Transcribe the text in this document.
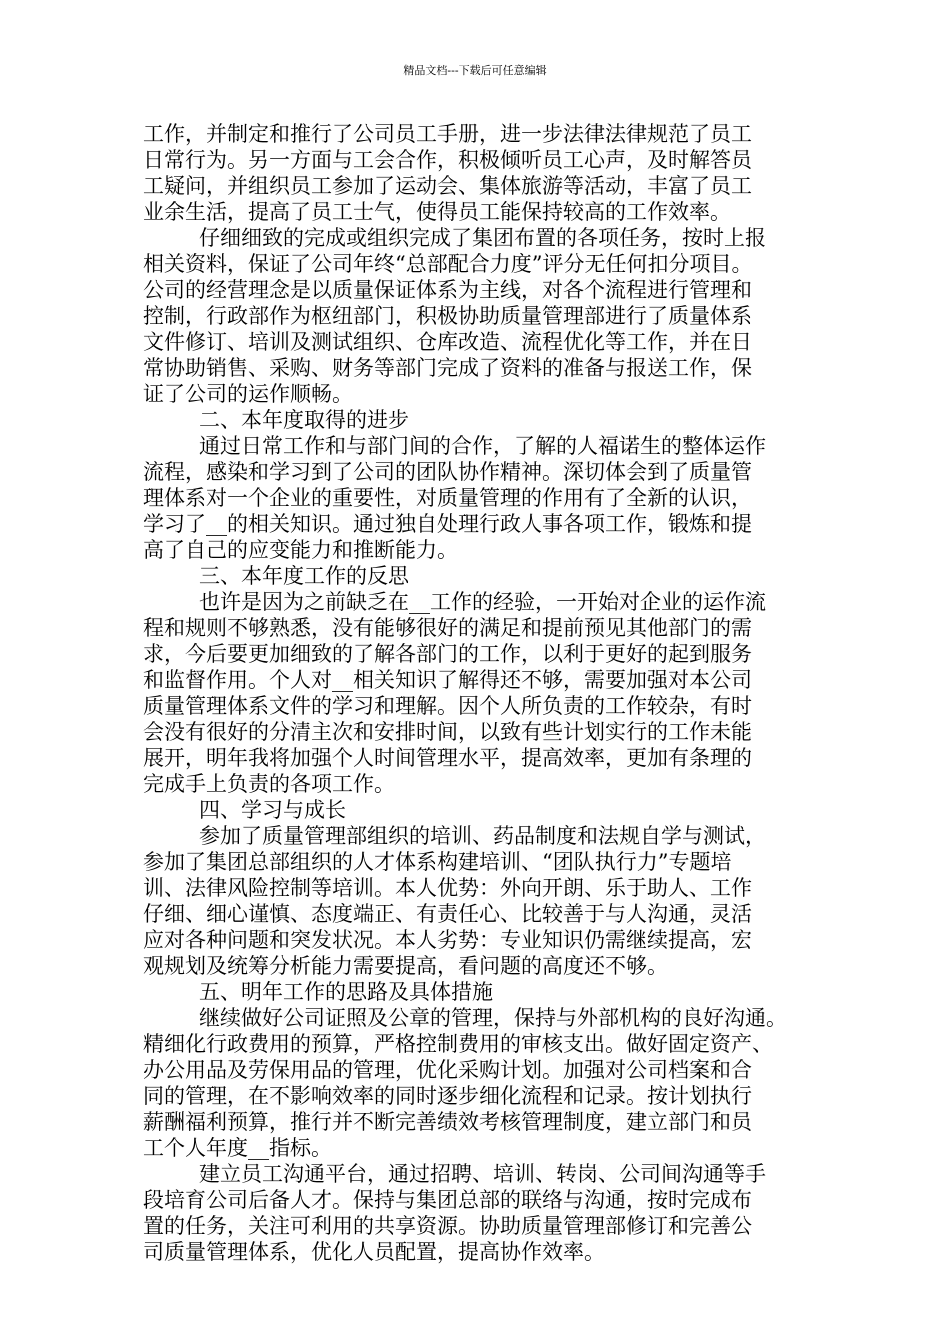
精品文档---下载后可任意编辑
工作，并制定和推行了公司员工手册，进一步法律法律规范了员工
日常行为。另一方面与工会合作，积极倾听员工心声，及时解答员
工疑问，并组织员工参加了运动会、集体旅游等活动，丰富了员工
业余生活，提高了员工士气，使得员工能保持较高的工作效率。
仔细细致的完成或组织完成了集团布置的各项任务，按时上报
相关资料，保证了公司年终“总部配合力度”评分无任何扣分项目。
公司的经营理念是以质量保证体系为主线，对各个流程进行管理和
控制，行政部作为枢纽部门，积极协助质量管理部进行了质量体系
文件修订、培训及测试组织、仓库改造、流程优化等工作，并在日
常协助销售、采购、财务等部门完成了资料的准备与报送工作，保
证了公司的运作顺畅。
二、本年度取得的进步
通过日常工作和与部门间的合作，了解的人福诺生的整体运作
流程，感染和学习到了公司的团队协作精神。深切体会到了质量管
理体系对一个企业的重要性，对质量管理的作用有了全新的认识，
学习了__的相关知识。通过独自处理行政人事各项工作，锻炼和提
高了自己的应变能力和推断能力。
三、本年度工作的反思
也许是因为之前缺乏在__工作的经验，一开始对企业的运作流
程和规则不够熟悉，没有能够很好的满足和提前预见其他部门的需
求，今后要更加细致的了解各部门的工作，以利于更好的起到服务
和监督作用。个人对__相关知识了解得还不够，需要加强对本公司
质量管理体系文件的学习和理解。因个人所负责的工作较杂，有时
会没有很好的分清主次和安排时间，以致有些计划实行的工作未能
展开，明年我将加强个人时间管理水平，提高效率，更加有条理的
完成手上负责的各项工作。
四、学习与成长
参加了质量管理部组织的培训、药品制度和法规自学与测试，
参加了集团总部组织的人才体系构建培训、“团队执行力”专题培
训、法律风险控制等培训。本人优势：外向开朗、乐于助人、工作
仔细、细心谨慎、态度端正、有责任心、比较善于与人沟通，灵活
应对各种问题和突发状况。本人劣势：专业知识仍需继续提高，宏
观规划及统筹分析能力需要提高，看问题的高度还不够。
五、明年工作的思路及具体措施
继续做好公司证照及公章的管理，保持与外部机构的良好沟通。
精细化行政费用的预算，严格控制费用的审核支出。做好固定资产、
办公用品及劳保用品的管理，优化采购计划。加强对公司档案和合
同的管理，在不影响效率的同时逐步细化流程和记录。按计划执行
薪酬福利预算，推行并不断完善绩效考核管理制度，建立部门和员
工个人年度__指标。
建立员工沟通平台，通过招聘、培训、转岗、公司间沟通等手
段培育公司后备人才。保持与集团总部的联络与沟通，按时完成布
置的任务，关注可利用的共享资源。协助质量管理部修订和完善公
司质量管理体系，优化人员配置，提高协作效率。
